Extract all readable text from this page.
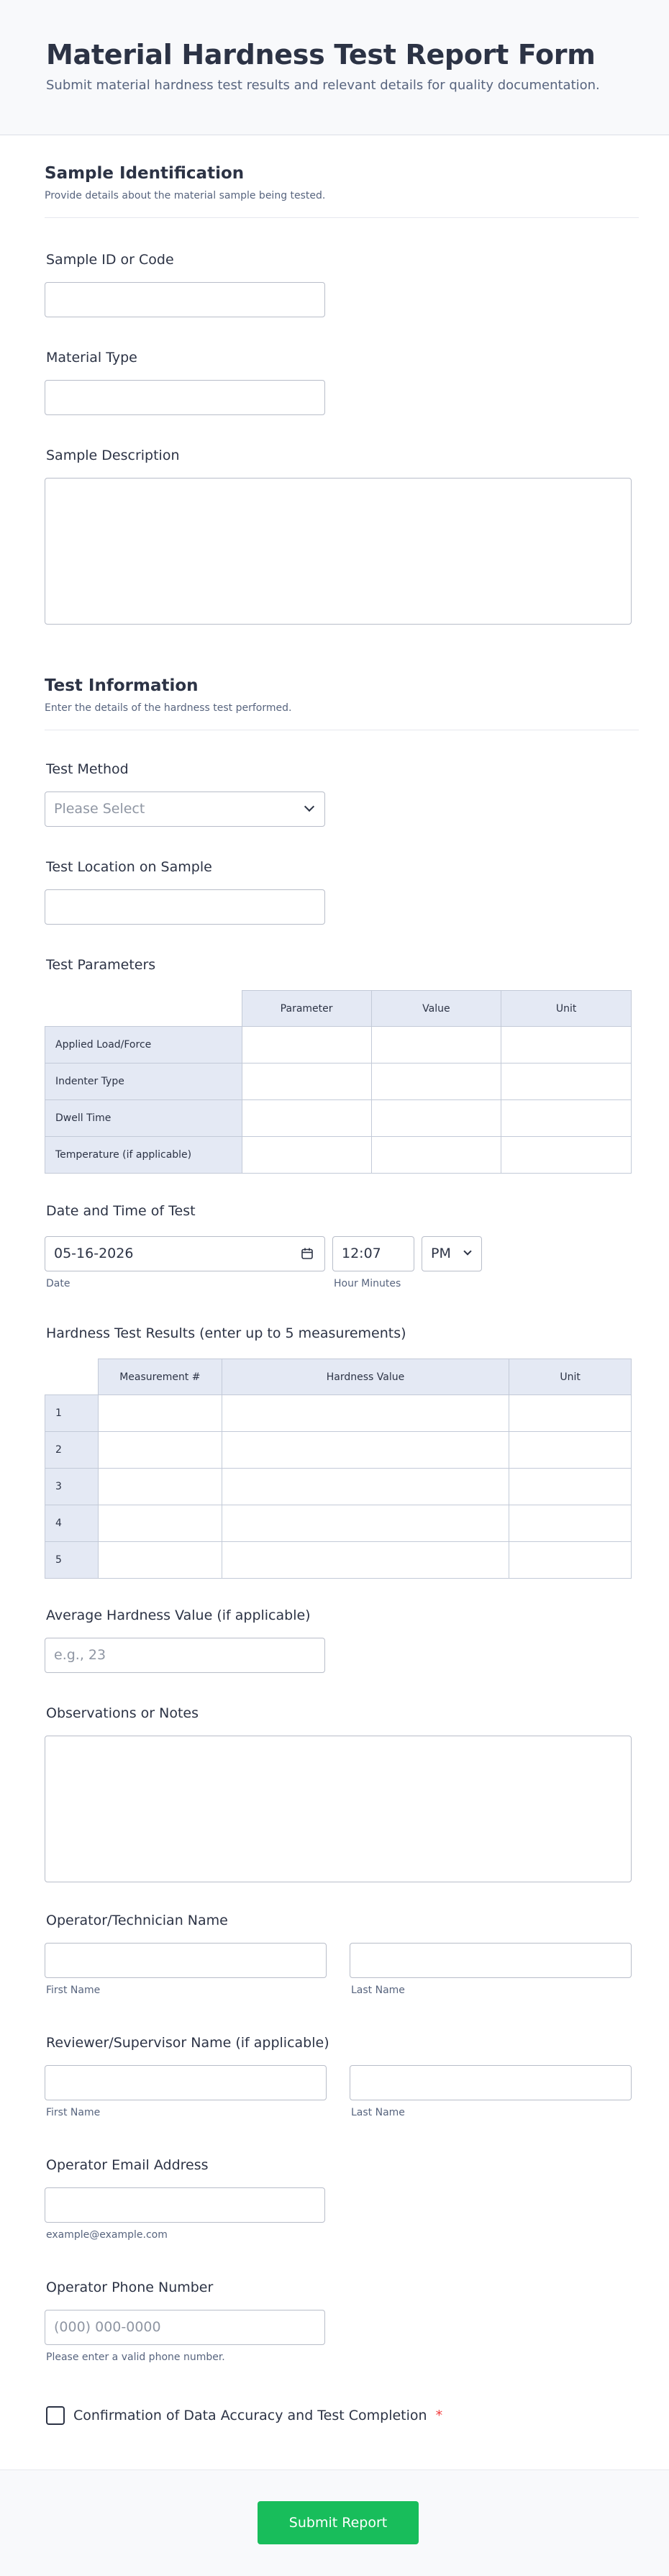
Material Hardness Test Report Form

Submit material hardness test results and relevant details for quality documentation.

Sample Identification
Provide details about the material sample being tested.
Sample ID or Code
Material Type
Sample Description
Test Information
Enter the details of the hardness test performed.
Test Method
Please Select
Test Location on Sample
Test Parameters
	Parameter	Value	Unit
Applied Load/Force			
Indenter Type			
Dwell Time			
Temperature (if applicable)			
Date and Time of Test
05-16-2026
Date
12:07
Hour Minutes
PM
Hardness Test Results (enter up to 5 measurements)
	Measurement #	Hardness Value	Unit
1			
2			
3			
4			
5			
Average Hardness Value (if applicable)
e.g., 23
Observations or Notes
Operator/Technician Name
First Name	Last Name
Reviewer/Supervisor Name (if applicable)
First Name	Last Name
Operator Email Address
example@example.com
Operator Phone Number
(000) 000-0000
Please enter a valid phone number.
Confirmation of Data Accuracy and Test Completion *
Submit Report
